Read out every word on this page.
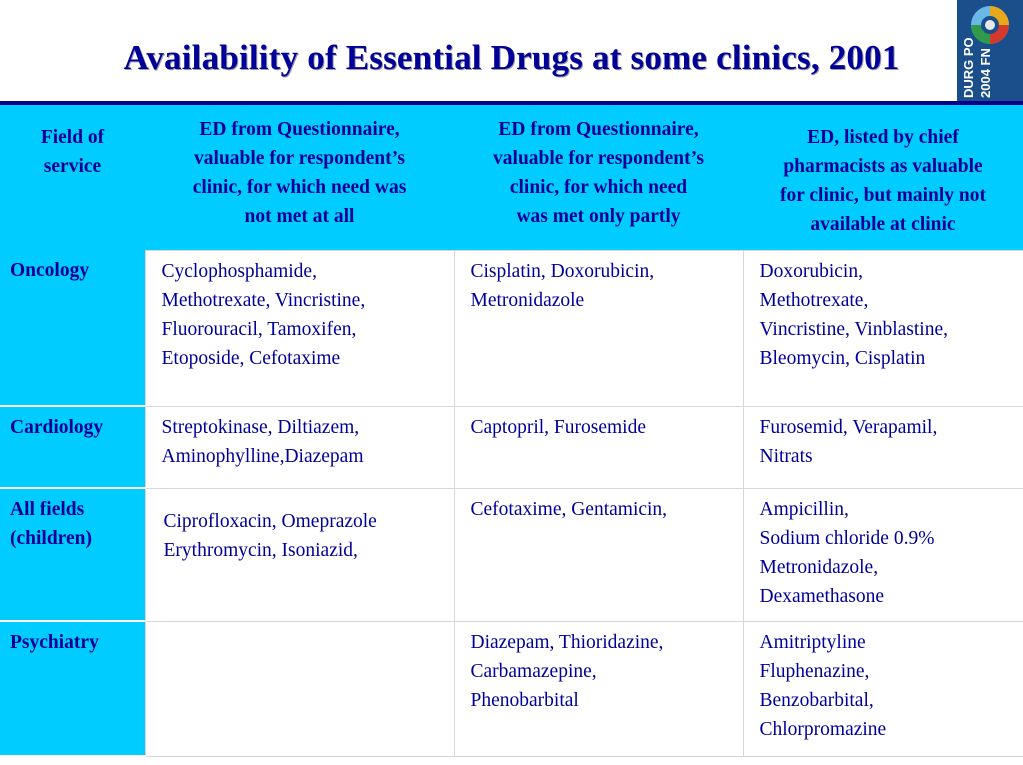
Availability of Essential Drugs at some clinics, 2001	DURG PO 2004 FN
Field of
service	ED from Questionnaire,
valuable for respondent’s
clinic, for which need was
not met at all	ED from Questionnaire,
valuable for respondent’s
clinic, for which need
was met only partly	ED, listed by chief
pharmacists as valuable
for clinic, but mainly not
available at clinic

Oncology	Cyclophosphamide,
Methotrexate, Vincristine,
Fluorouracil, Tamoxifen,
Etoposide, Cefotaxime	Cisplatin, Doxorubicin,
Metronidazole	Doxorubicin,
Methotrexate,
Vincristine, Vinblastine,
Bleomycin, Cisplatin

Cardiology	Streptokinase, Diltiazem,
Aminophylline,Diazepam	Captopril, Furosemide	Furosemid, Verapamil,
Nitrats

All fields
(children)	Ciprofloxacin, Omeprazole
Erythromycin, Isoniazid,	Cefotaxime, Gentamicin,	Ampicillin,
Sodium chloride 0.9%
Metronidazole,
Dexamethasone

Psychiatry		Diazepam, Thioridazine,
Carbamazepine,
Phenobarbital	Amitriptyline
Fluphenazine,
Benzobarbital,
Chlorpromazine
